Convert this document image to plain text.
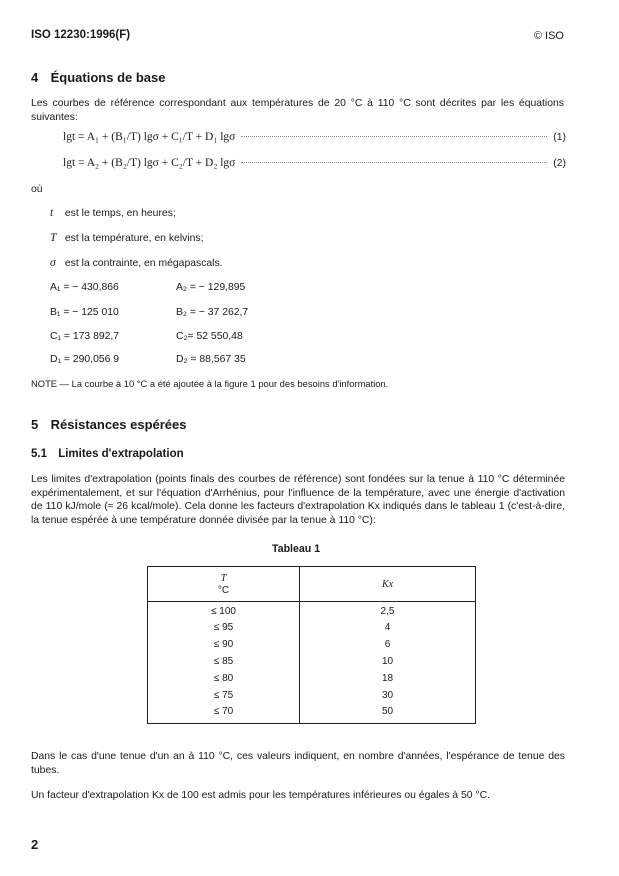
ISO 12230:1996(F)	© ISO
4 Équations de base
Les courbes de référence correspondant aux températures de 20 °C à 110 °C sont décrites par les équations suivantes:
lgt = A₁ + (B₁/T) lgσ + C₁/T + D₁ lgσ	(1)
lgt = A₂ + (B₂/T) lgσ + C₂/T + D₂ lgσ	(2)
où
t est le temps, en heures;
T est la température, en kelvins;
σ est la contrainte, en mégapascals.
A₁ = − 430,866	A₂ = − 129,895
B₁ = − 125 010	B₂ = − 37 262,7
C₁ = 173 892,7	C₂= 52 550,48
D₁ = 290,056 9	D₂ = 88,567 35
NOTE — La courbe à 10 °C a été ajoutée à la figure 1 pour des besoins d'information.
5 Résistances espérées
5.1 Limites d'extrapolation
Les limites d'extrapolation (points finals des courbes de référence) sont fondées sur la tenue à 110 °C déterminée expérimentalement, et sur l'équation d'Arrhénius, pour l'influence de la température, avec une énergie d'activation de 110 kJ/mole (≈ 26 kcal/mole). Cela donne les facteurs d'extrapolation Kx indiqués dans le tableau 1 (c'est-à-dire, la tenue espérée à une température donnée divisée par la tenue à 110 °C):
Tableau 1
T
°C	Kx
≤ 100	2,5
≤ 95	4
≤ 90	6
≤ 85	10
≤ 80	18
≤ 75	30
≤ 70	50
Dans le cas d'une tenue d'un an à 110 °C, ces valeurs indiquent, en nombre d'années, l'espérance de tenue des tubes.
Un facteur d'extrapolation Kx de 100 est admis pour les températures inférieures ou égales à 50 °C.
2
